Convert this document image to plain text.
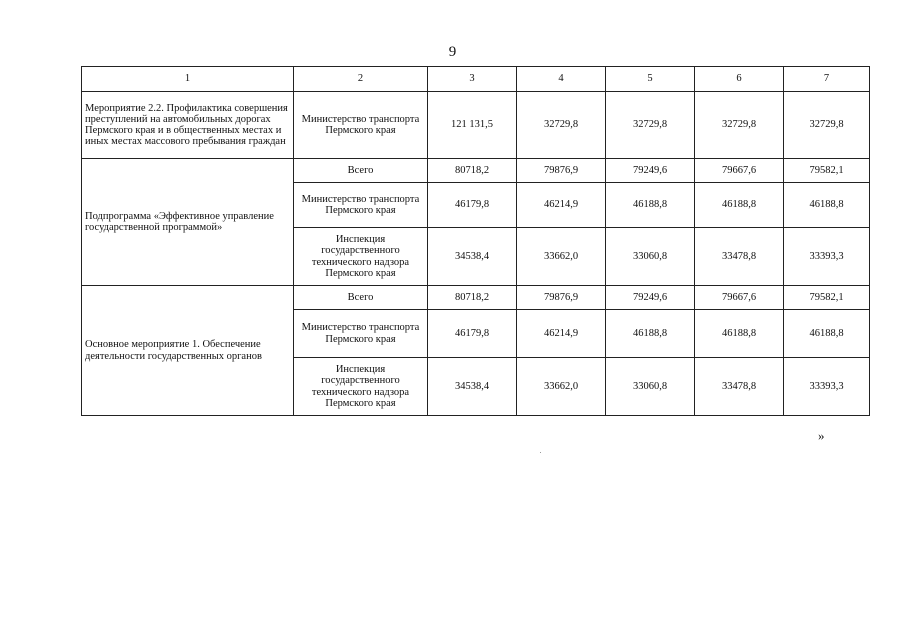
9
1	2	3	4	5	6	7
Мероприятие 2.2. Профилактика совершения преступлений на автомобильных дорогах Пермского края и в общественных местах и иных местах массового пребывания граждан	Министерство транспорта Пермского края	121 131,5	32729,8	32729,8	32729,8	32729,8
Подпрограмма «Эффективное управление государственной программой»	Всего	80718,2	79876,9	79249,6	79667,6	79582,1
	Министерство транспорта Пермского края	46179,8	46214,9	46188,8	46188,8	46188,8
	Инспекция государственного технического надзора Пермского края	34538,4	33662,0	33060,8	33478,8	33393,3
Основное мероприятие 1. Обеспечение деятельности государственных органов	Всего	80718,2	79876,9	79249,6	79667,6	79582,1
	Министерство транспорта Пермского края	46179,8	46214,9	46188,8	46188,8	46188,8
	Инспекция государственного технического надзора Пермского края	34538,4	33662,0	33060,8	33478,8	33393,3
»
